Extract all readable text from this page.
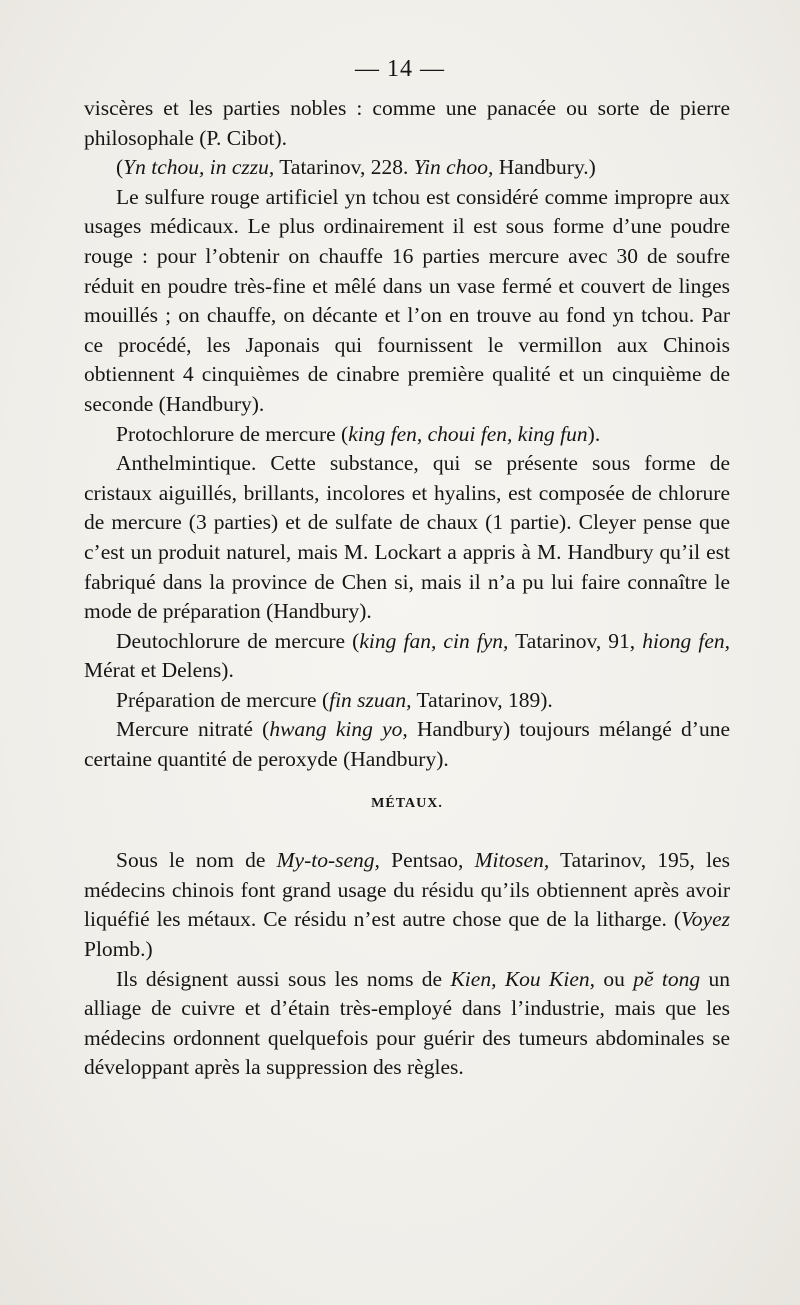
— 14 —

viscères et les parties nobles : comme une panacée ou sorte de pierre philosophale (P. Cibot).

(Yn tchou, in czzu, Tatarinov, 228. Yin choo, Handbury.)

Le sulfure rouge artificiel yn tchou est considéré comme impropre aux usages médicaux. Le plus ordinairement il est sous forme d’une poudre rouge : pour l’obtenir on chauffe 16 parties mercure avec 30 de soufre réduit en poudre très-fine et mêlé dans un vase fermé et couvert de linges mouillés ; on chauffe, on décante et l’on en trouve au fond yn tchou. Par ce procédé, les Japonais qui fournissent le vermillon aux Chinois obtiennent 4 cinquièmes de cinabre première qualité et un cinquième de seconde (Handbury).

Protochlorure de mercure (king fen, choui fen, king fun).

Anthelmintique. Cette substance, qui se présente sous forme de cristaux aiguillés, brillants, incolores et hyalins, est composée de chlorure de mercure (3 parties) et de sulfate de chaux (1 partie). Cleyer pense que c’est un produit naturel, mais M. Lockart a appris à M. Handbury qu’il est fabriqué dans la province de Chen si, mais il n’a pu lui faire connaître le mode de préparation (Handbury).

Deutochlorure de mercure (king fan, cin fyn, Tatarinov, 91, hiong fen, Mérat et Delens).

Préparation de mercure (fin szuan, Tatarinov, 189).

Mercure nitraté (hwang king yo, Handbury) toujours mélangé d’une certaine quantité de peroxyde (Handbury).

MÉTAUX.

Sous le nom de My-to-seng, Pentsao, Mitosen, Tatarinov, 195, les médecins chinois font grand usage du résidu qu’ils obtiennent après avoir liquéfié les métaux. Ce résidu n’est autre chose que de la litharge. (Voyez Plomb.)

Ils désignent aussi sous les noms de Kien, Kou Kien, ou pĕ tong un alliage de cuivre et d’étain très-employé dans l’industrie, mais que les médecins ordonnent quelquefois pour guérir des tumeurs abdominales se développant après la suppression des règles.
